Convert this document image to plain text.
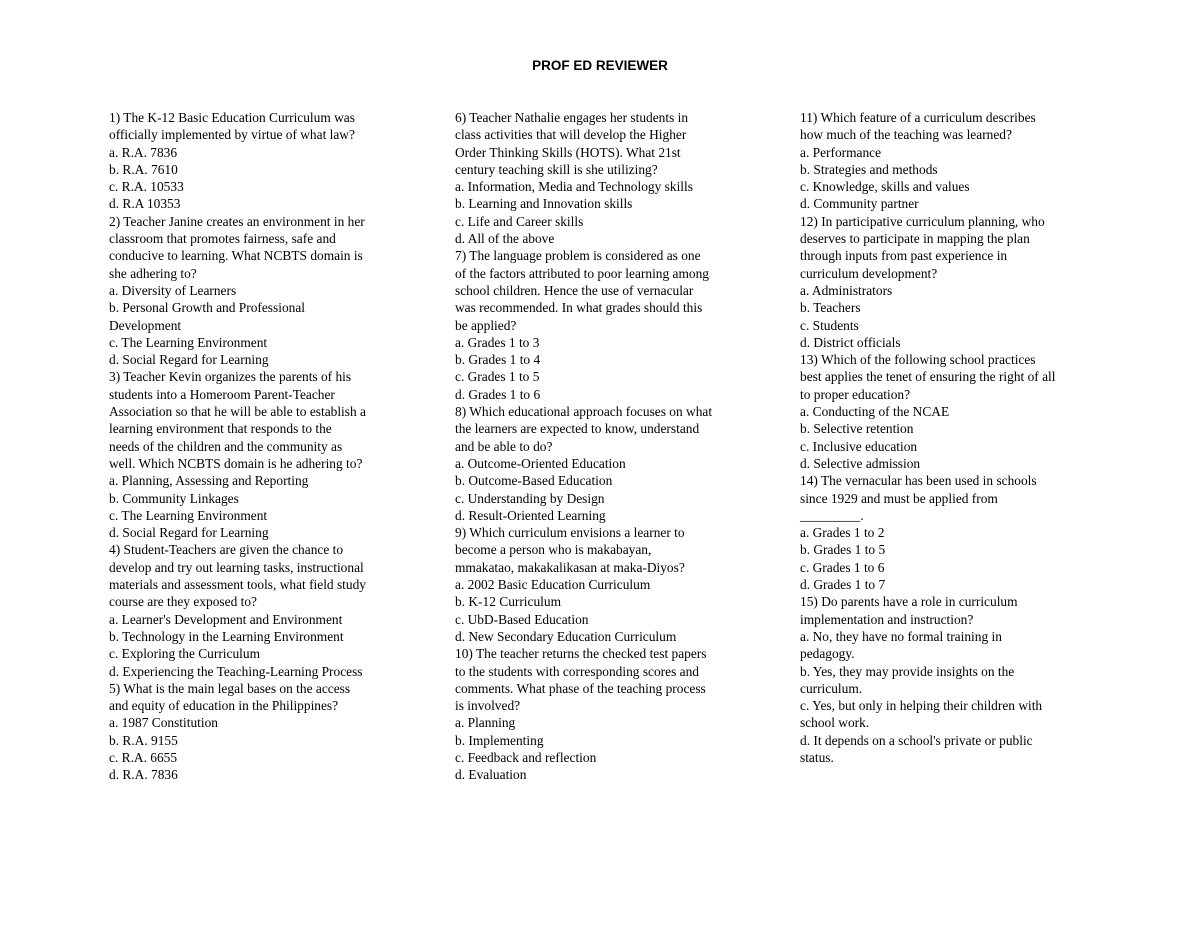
PROF ED REVIEWER
1) The K-12 Basic Education Curriculum was
officially implemented by virtue of what law?
a. R.A. 7836
b. R.A. 7610
c. R.A. 10533
d. R.A 10353
2) Teacher Janine creates an environment in her
classroom that promotes fairness, safe and
conducive to learning. What NCBTS domain is
she adhering to?
a. Diversity of Learners
b. Personal Growth and Professional
Development
c. The Learning Environment
d. Social Regard for Learning
3) Teacher Kevin organizes the parents of his
students into a Homeroom Parent-Teacher
Association so that he will be able to establish a
learning environment that responds to the
needs of the children and the community as
well. Which NCBTS domain is he adhering to?
a. Planning, Assessing and Reporting
b. Community Linkages
c. The Learning Environment
d. Social Regard for Learning
4) Student-Teachers are given the chance to
develop and try out learning tasks, instructional
materials and assessment tools, what field study
course are they exposed to?
a. Learner's Development and Environment
b. Technology in the Learning Environment
c. Exploring the Curriculum
d. Experiencing the Teaching-Learning Process
5) What is the main legal bases on the access
and equity of education in the Philippines?
a. 1987 Constitution
b. R.A. 9155
c. R.A. 6655
d. R.A. 7836
6) Teacher Nathalie engages her students in
class activities that will develop the Higher
Order Thinking Skills (HOTS). What 21st
century teaching skill is she utilizing?
a. Information, Media and Technology skills
b. Learning and Innovation skills
c. Life and Career skills
d. All of the above
7) The language problem is considered as one
of the factors attributed to poor learning among
school children. Hence the use of vernacular
was recommended. In what grades should this
be applied?
a. Grades 1 to 3
b. Grades 1 to 4
c. Grades 1 to 5
d. Grades 1 to 6
8) Which educational approach focuses on what
the learners are expected to know, understand
and be able to do?
a. Outcome-Oriented Education
b. Outcome-Based Education
c. Understanding by Design
d. Result-Oriented Learning
9) Which curriculum envisions a learner to
become a person who is makabayan,
mmakatao, makakalikasan at maka-Diyos?
a. 2002 Basic Education Curriculum
b. K-12 Curriculum
c. UbD-Based Education
d. New Secondary Education Curriculum
10) The teacher returns the checked test papers
to the students with corresponding scores and
comments. What phase of the teaching process
is involved?
a. Planning
b. Implementing
c. Feedback and reflection
d. Evaluation
11) Which feature of a curriculum describes
how much of the teaching was learned?
a. Performance
b. Strategies and methods
c. Knowledge, skills and values
d. Community partner
12) In participative curriculum planning, who
deserves to participate in mapping the plan
through inputs from past experience in
curriculum development?
a. Administrators
b. Teachers
c. Students
d. District officials
13) Which of the following school practices
best applies the tenet of ensuring the right of all
to proper education?
a. Conducting of the NCAE
b. Selective retention
c. Inclusive education
d. Selective admission
14) The vernacular has been used in schools
since 1929 and must be applied from
_________.
a. Grades 1 to 2
b. Grades 1 to 5
c. Grades 1 to 6
d. Grades 1 to 7
15) Do parents have a role in curriculum
implementation and instruction?
a. No, they have no formal training in
pedagogy.
b. Yes, they may provide insights on the
curriculum.
c. Yes, but only in helping their children with
school work.
d. It depends on a school's private or public
status.
